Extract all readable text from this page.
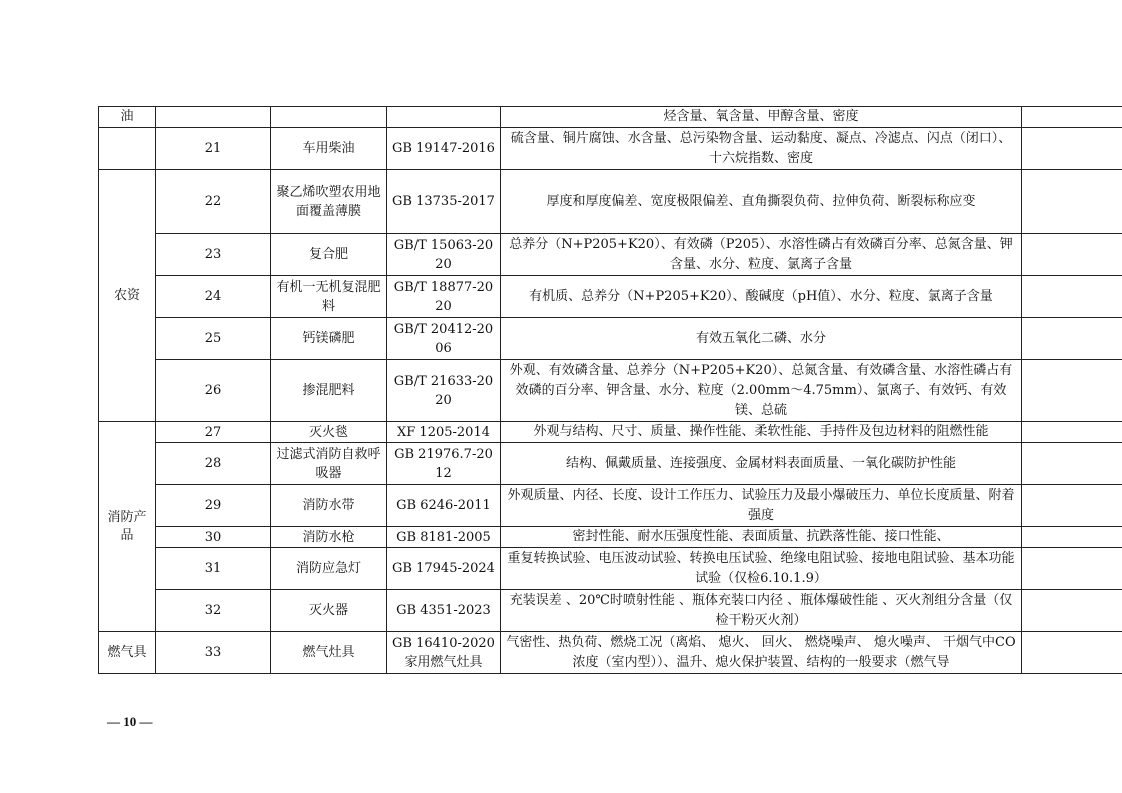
油				烃含量、氧含量、甲醇含量、密度	
	21	车用柴油	GB 19147-2016	硫含量、铜片腐蚀、水含量、总污染物含量、运动黏度、凝点、冷滤点、闪点（闭口）、十六烷指数、密度	
农资	22	聚乙烯吹塑农用地面覆盖薄膜	GB 13735-2017	厚度和厚度偏差、宽度极限偏差、直角撕裂负荷、拉伸负荷、断裂标称应变	
	23	复合肥	GB/T 15063-2020	总养分（N+P205+K20）、有效磷（P205）、水溶性磷占有效磷百分率、总氮含量、钾含量、水分、粒度、氯离子含量	
	24	有机一无机复混肥料	GB/T 18877-2020	有机质、总养分（N+P205+K20）、酸碱度（pH值）、水分、粒度、氯离子含量	
	25	钙镁磷肥	GB/T 20412-2006	有效五氧化二磷、水分	
	26	掺混肥料	GB/T 21633-2020	外观、有效磷含量、总养分（N+P205+K20）、总氮含量、有效磷含量、水溶性磷占有效磷的百分率、钾含量、水分、粒度（2.00mm～4.75mm）、氯离子、有效钙、有效镁、总硫	
消防产品	27	灭火毯	XF 1205-2014	外观与结构、尺寸、质量、操作性能、柔软性能、手持件及包边材料的阻燃性能	
	28	过滤式消防自救呼吸器	GB 21976.7-2012	结构、佩戴质量、连接强度、金属材料表面质量、一氧化碳防护性能	
	29	消防水带	GB 6246-2011	外观质量、内径、长度、设计工作压力、试验压力及最小爆破压力、单位长度质量、附着强度	
	30	消防水枪	GB 8181-2005	密封性能、耐水压强度性能、表面质量、抗跌落性能、接口性能、	
	31	消防应急灯	GB 17945-2024	重复转换试验、电压波动试验、转换电压试验、绝缘电阻试验、接地电阻试验、基本功能试验（仅检6.10.1.9）	
	32	灭火器	GB 4351-2023	充装误差 、20℃时喷射性能 、瓶体充装口内径 、瓶体爆破性能 、灭火剂组分含量（仅检干粉灭火剂）	
燃气具	33	燃气灶具	GB 16410-2020 家用燃气灶具	气密性、热负荷、燃烧工况（离焰、 熄火、 回火、 燃烧噪声、 熄火噪声、 干烟气中CO浓度（室内型））、温升、熄火保护装置、结构的一般要求（燃气导	
— 10 —
